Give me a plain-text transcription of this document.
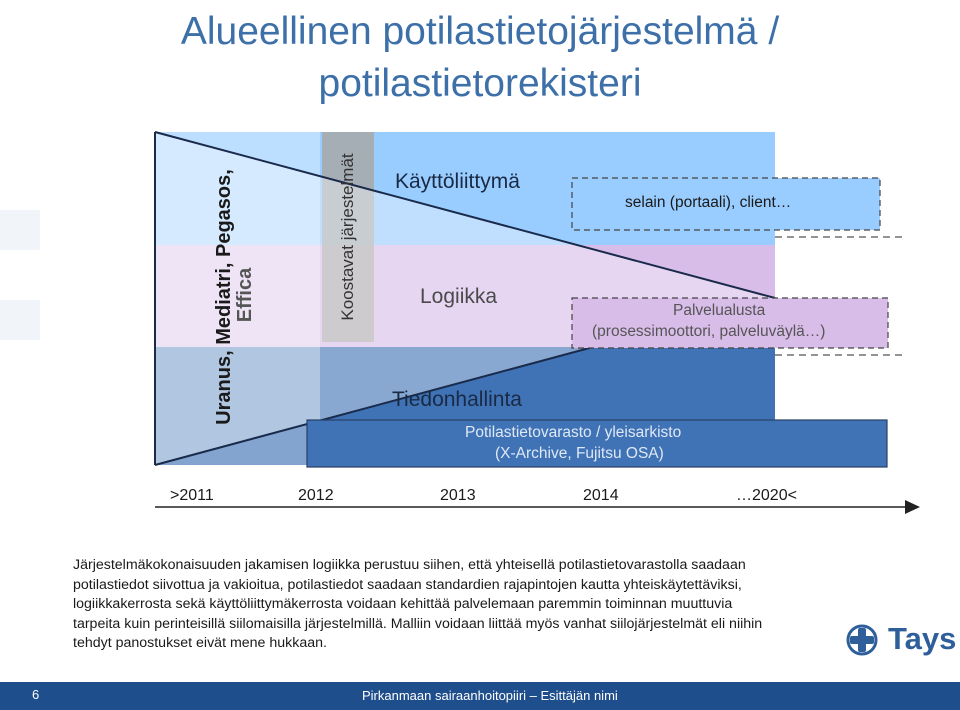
Alueellinen potilastietojärjestelmä /
potilastietorekisteri
Uranus, Mediatri, Pegasos, Effica	Koostavat järjestelmät Käyttöliittymä
selain (portaali), client…
Logiikka
Palvelualusta
(prosessimoottori, palveluväylä…)
Tiedonhallinta
Potilastietovarasto / yleisarkisto
(X-Archive, Fujitsu OSA)
>2011	2012	2013	2014	…2020<

Järjestelmäkokonaisuuden jakamisen logiikka perustuu siihen, että yhteisellä potilastietovarastolla saadaan

potilastiedot siivottua ja vakioitua, potilastiedot saadaan standardien rajapintojen kautta yhteiskäytettäviksi,

logiikkakerrosta sekä käyttöliittymäkerrosta voidaan kehittää palvelemaan paremmin toiminnan muuttuvia

tarpeita kuin perinteisillä siilomaisilla järjestelmillä. Malliin voidaan liittää myös vanhat siilojärjestelmät eli niihin

tehdyt panostukset eivät mene hukkaan.	Tays
6	Pirkanmaan sairaanhoitopiiri – Esittäjän nimi
